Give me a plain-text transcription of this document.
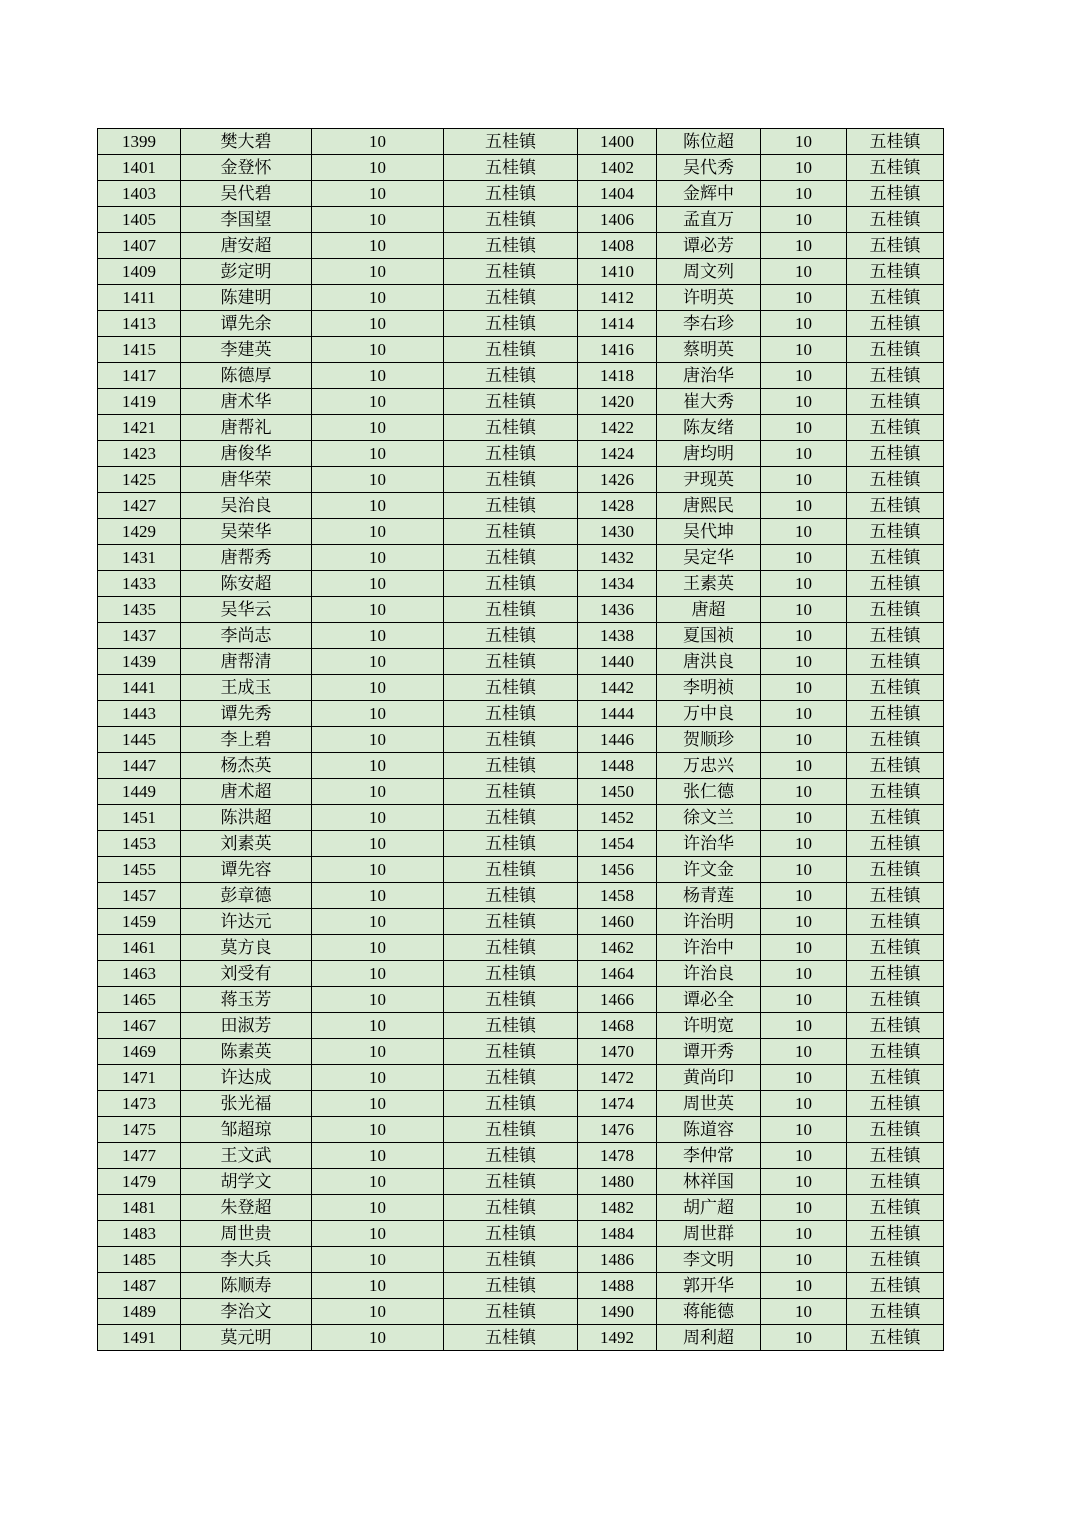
1399	樊大碧	10	五桂镇	1400	陈位超	10	五桂镇
1401	金登怀	10	五桂镇	1402	吴代秀	10	五桂镇
1403	吴代碧	10	五桂镇	1404	金辉中	10	五桂镇
1405	李国望	10	五桂镇	1406	孟直万	10	五桂镇
1407	唐安超	10	五桂镇	1408	谭必芳	10	五桂镇
1409	彭定明	10	五桂镇	1410	周文列	10	五桂镇
1411	陈建明	10	五桂镇	1412	许明英	10	五桂镇
1413	谭先余	10	五桂镇	1414	李右珍	10	五桂镇
1415	李建英	10	五桂镇	1416	蔡明英	10	五桂镇
1417	陈德厚	10	五桂镇	1418	唐治华	10	五桂镇
1419	唐术华	10	五桂镇	1420	崔大秀	10	五桂镇
1421	唐帮礼	10	五桂镇	1422	陈友绪	10	五桂镇
1423	唐俊华	10	五桂镇	1424	唐均明	10	五桂镇
1425	唐华荣	10	五桂镇	1426	尹现英	10	五桂镇
1427	吴治良	10	五桂镇	1428	唐熙民	10	五桂镇
1429	吴荣华	10	五桂镇	1430	吴代坤	10	五桂镇
1431	唐帮秀	10	五桂镇	1432	吴定华	10	五桂镇
1433	陈安超	10	五桂镇	1434	王素英	10	五桂镇
1435	吴华云	10	五桂镇	1436	唐超	10	五桂镇
1437	李尚志	10	五桂镇	1438	夏国祯	10	五桂镇
1439	唐帮清	10	五桂镇	1440	唐洪良	10	五桂镇
1441	王成玉	10	五桂镇	1442	李明祯	10	五桂镇
1443	谭先秀	10	五桂镇	1444	万中良	10	五桂镇
1445	李上碧	10	五桂镇	1446	贺顺珍	10	五桂镇
1447	杨杰英	10	五桂镇	1448	万忠兴	10	五桂镇
1449	唐术超	10	五桂镇	1450	张仁德	10	五桂镇
1451	陈洪超	10	五桂镇	1452	徐文兰	10	五桂镇
1453	刘素英	10	五桂镇	1454	许治华	10	五桂镇
1455	谭先容	10	五桂镇	1456	许文金	10	五桂镇
1457	彭章德	10	五桂镇	1458	杨青莲	10	五桂镇
1459	许达元	10	五桂镇	1460	许治明	10	五桂镇
1461	莫方良	10	五桂镇	1462	许治中	10	五桂镇
1463	刘受有	10	五桂镇	1464	许治良	10	五桂镇
1465	蒋玉芳	10	五桂镇	1466	谭必全	10	五桂镇
1467	田淑芳	10	五桂镇	1468	许明宽	10	五桂镇
1469	陈素英	10	五桂镇	1470	谭开秀	10	五桂镇
1471	许达成	10	五桂镇	1472	黄尚印	10	五桂镇
1473	张光福	10	五桂镇	1474	周世英	10	五桂镇
1475	邹超琼	10	五桂镇	1476	陈道容	10	五桂镇
1477	王文武	10	五桂镇	1478	李仲常	10	五桂镇
1479	胡学文	10	五桂镇	1480	林祥国	10	五桂镇
1481	朱登超	10	五桂镇	1482	胡广超	10	五桂镇
1483	周世贵	10	五桂镇	1484	周世群	10	五桂镇
1485	李大兵	10	五桂镇	1486	李文明	10	五桂镇
1487	陈顺寿	10	五桂镇	1488	郭开华	10	五桂镇
1489	李治文	10	五桂镇	1490	蒋能德	10	五桂镇
1491	莫元明	10	五桂镇	1492	周利超	10	五桂镇
